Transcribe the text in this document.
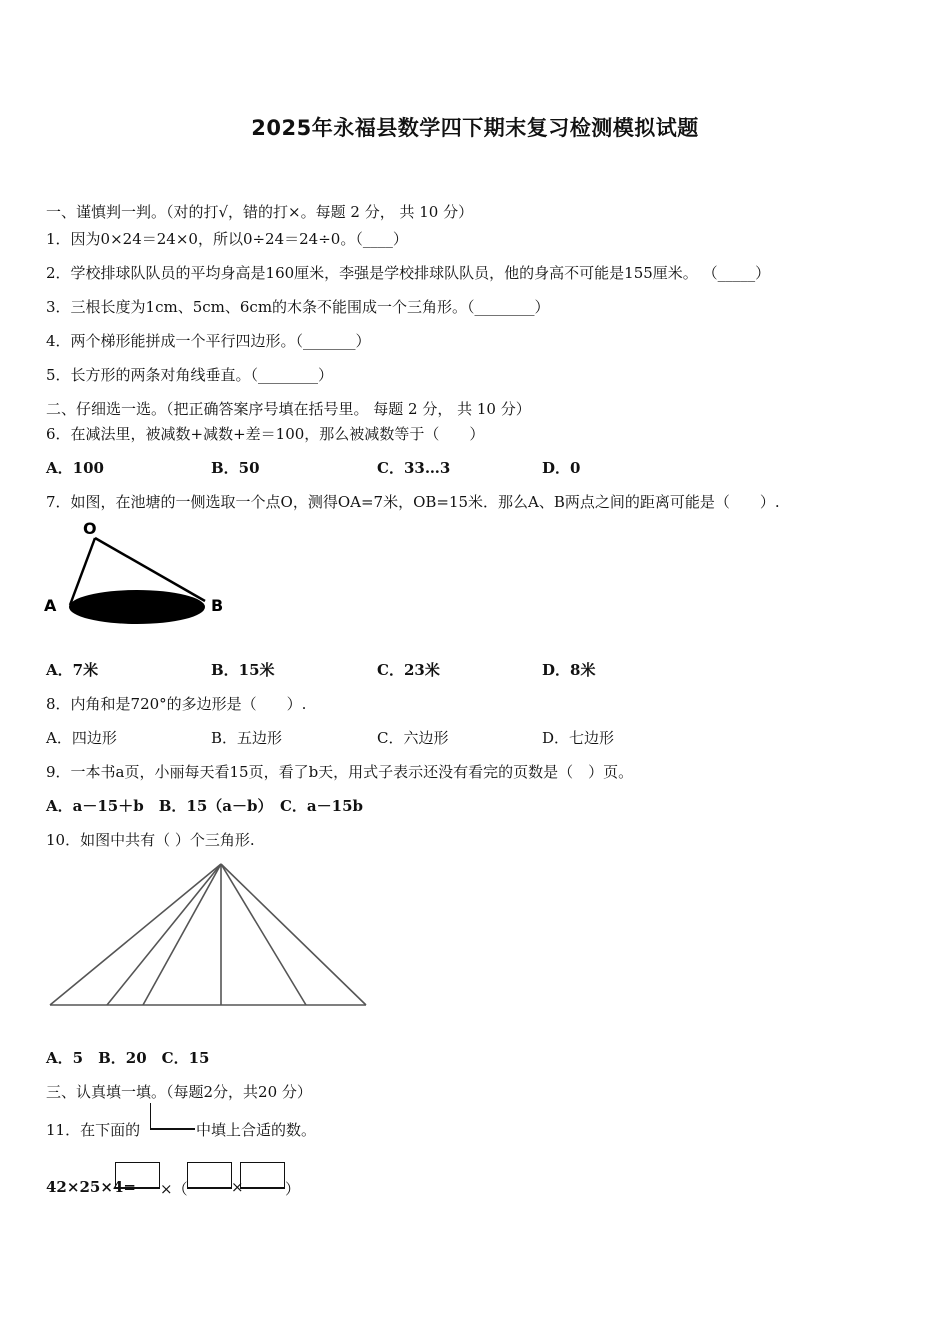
2025年永福县数学四下期末复习检测模拟试题
一、谨慎判一判。（对的打√，错的打×。每题 2 分， 共 10 分）
1．因为0×24＝24×0，所以0÷24＝24÷0。（____）
2．学校排球队队员的平均身高是160厘米，李强是学校排球队队员，他的身高不可能是155厘米。 （_____）
3．三根长度为1cm、5cm、6cm的木条不能围成一个三角形。（________）
4．两个梯形能拼成一个平行四边形。（_______）
5．长方形的两条对角线垂直。（________）
二、仔细选一选。（把正确答案序号填在括号里。 每题 2 分， 共 10 分）
6．在减法里，被减数+减数+差＝100，那么被减数等于（　　）
A．100	B．50	C．33…3	D．0
7．如图，在池塘的一侧选取一个点O，测得OA=7米，OB=15米．那么A、B两点之间的距离可能是（　　）.
O
A	B
A．7米	B．15米	C．23米	D．8米
8．内角和是720°的多边形是（　　）.
A．四边形	B．五边形	C．六边形	D．七边形
9．一本书a页，小丽每天看15页，看了b天，用式子表示还没有看完的页数是（　）页。
A．a－15＋b　B．15（a－b）　C．a－15b
10．如图中共有（ ）个三角形.
A．5　B．20　C．15
三、认真填一填。（每题2分，共20 分）
11．在下面的	中填上合适的数。
42×25×4= ×（	×	）
